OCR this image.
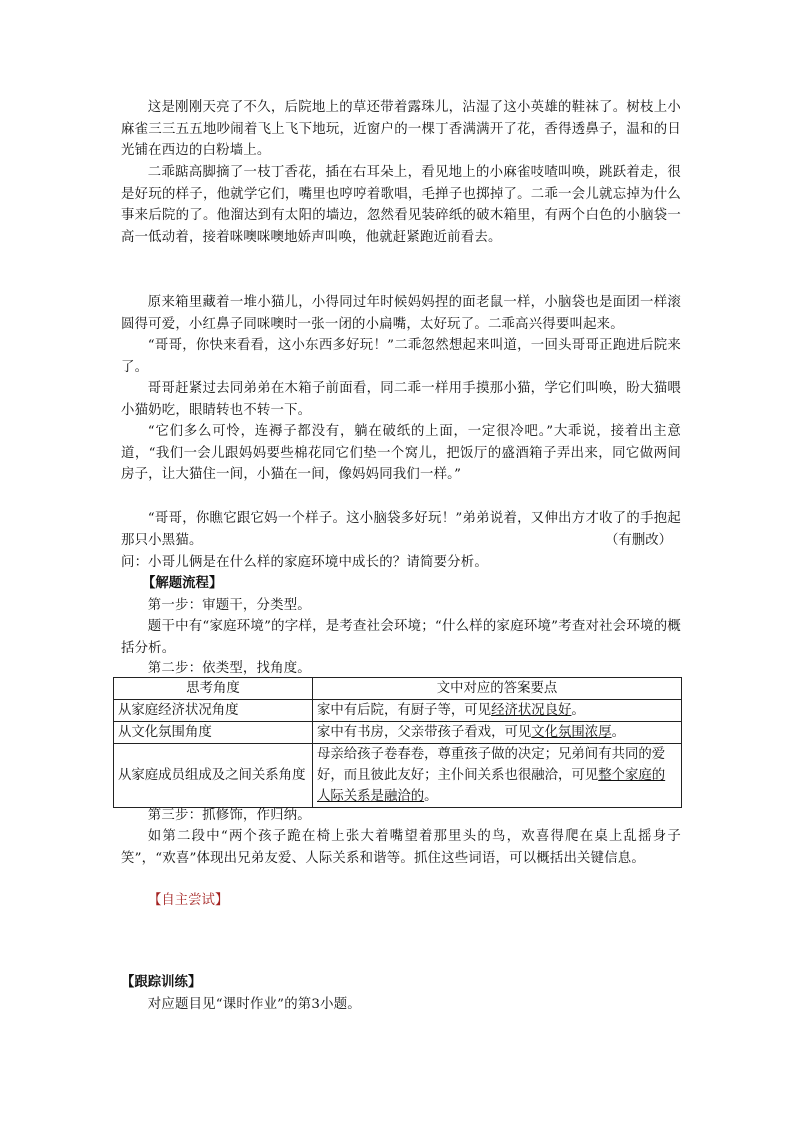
这是刚刚天亮了不久，后院地上的草还带着露珠儿，沾湿了这小英雄的鞋袜了。树枝上小麻雀三三五五地吵闹着飞上飞下地玩，近窗户的一棵丁香满满开了花，香得透鼻子，温和的日光铺在西边的白粉墙上。

二乖踮高脚摘了一枝丁香花，插在右耳朵上，看见地上的小麻雀吱喳叫唤，跳跃着走，很是好玩的样子，他就学它们，嘴里也哼哼着歌唱，毛掸子也掷掉了。二乖一会儿就忘掉为什么事来后院的了。他溜达到有太阳的墙边，忽然看见装碎纸的破木箱里，有两个白色的小脑袋一高一低动着，接着咪噢咪噢地娇声叫唤，他就赶紧跑近前看去。

原来箱里藏着一堆小猫儿，小得同过年时候妈妈捏的面老鼠一样，小脑袋也是面团一样滚圆得可爱，小红鼻子同咪噢时一张一闭的小扁嘴，太好玩了。二乖高兴得要叫起来。

“哥哥，你快来看看，这小东西多好玩！”二乖忽然想起来叫道，一回头哥哥正跑进后院来了。

哥哥赶紧过去同弟弟在木箱子前面看，同二乖一样用手摸那小猫，学它们叫唤，盼大猫喂小猫奶吃，眼睛转也不转一下。

“它们多么可怜，连褥子都没有，躺在破纸的上面，一定很冷吧。”大乖说，接着出主意道，“我们一会儿跟妈妈要些棉花同它们垫一个窝儿，把饭厅的盛酒箱子弄出来，同它做两间房子，让大猫住一间，小猫在一间，像妈妈同我们一样。”

“哥哥，你瞧它跟它妈一个样子。这小脑袋多好玩！”弟弟说着，又伸出方才收了的手抱起那只小黑猫。	（有删改）

问：小哥儿俩是在什么样的家庭环境中成长的？请简要分析。

【解题流程】

第一步：审题干，分类型。

题干中有“家庭环境”的字样，是考查社会环境；“什么样的家庭环境”考查对社会环境的概括分析。

第二步：依类型，找角度。

思考角度	文中对应的答案要点
从家庭经济状况角度	家中有后院，有厨子等，可见经济状况良好。
从文化氛围角度	家中有书房，父亲带孩子看戏，可见文化氛围浓厚。
从家庭成员组成及之间关系角度	母亲给孩子卷春卷，尊重孩子做的决定；兄弟间有共同的爱好，而且彼此友好；主仆间关系也很融洽，可见整个家庭的人际关系是融洽的。

第三步：抓修饰，作归纳。

如第二段中“两个孩子跪在椅上张大着嘴望着那里头的鸟，欢喜得爬在桌上乱摇身子笑”，“欢喜”体现出兄弟友爱、人际关系和谐等。抓住这些词语，可以概括出关键信息。

【自主尝试】
【跟踪训练】

对应题目见“课时作业”的第3小题。
